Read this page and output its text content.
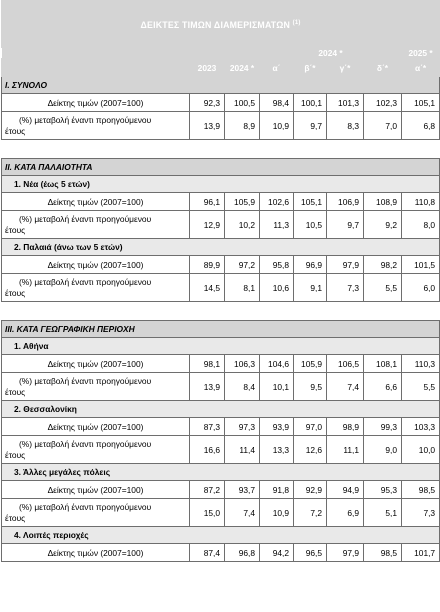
ΔΕΙΚΤΕΣ ΤΙΜΩΝ ΔΙΑΜΕΡΙΣΜΑΤΩΝ $^{(1)}$
			2024 *				2025 *
	2023	2024 *	α΄	β΄*	γ΄*	δ΄*	α΄*
I. ΣΥΝΟΛΟ							
Δείκτης τιμών (2007=100)	92,3	100,5	98,4	100,1	101,3	102,3	105,1

(%) μεταβολή έναντι προηγούμενου
έτους	13,9	8,9	10,9	9,7	8,3	7,0	6,8

II. ΚΑΤΑ ΠΑΛΑΙΟΤΗΤΑ							
1. Νέα (έως 5 ετών)							
Δείκτης τιμών (2007=100)	96,1	105,9	102,6	105,1	106,9	108,9	110,8

(%) μεταβολή έναντι προηγούμενου
έτους	12,9	10,2	11,3	10,5	9,7	9,2	8,0
2. Παλαιά (άνω των 5 ετών)							
Δείκτης τιμών (2007=100)	89,9	97,2	95,8	96,9	97,9	98,2	101,5

(%) μεταβολή έναντι προηγούμενου
έτους	14,5	8,1	10,6	9,1	7,3	5,5	6,0

III. ΚΑΤΑ ΓΕΩΓΡΑΦΙΚΗ ΠΕΡΙΟΧΗ							
1. Αθήνα							
Δείκτης τιμών (2007=100)	98,1	106,3	104,6	105,9	106,5	108,1	110,3

(%) μεταβολή έναντι προηγούμενου
έτους	13,9	8,4	10,1	9,5	7,4	6,6	5,5
2. Θεσσαλονίκη							
Δείκτης τιμών (2007=100)	87,3	97,3	93,9	97,0	98,9	99,3	103,3

(%) μεταβολή έναντι προηγούμενου
έτους	16,6	11,4	13,3	12,6	11,1	9,0	10,0
3. Άλλες μεγάλες πόλεις							
Δείκτης τιμών (2007=100)	87,2	93,7	91,8	92,9	94,9	95,3	98,5

(%) μεταβολή έναντι προηγούμενου
έτους	15,0	7,4	10,9	7,2	6,9	5,1	7,3
4. Λοιπές περιοχές							
Δείκτης τιμών (2007=100)	87,4	96,8	94,2	96,5	97,9	98,5	101,7
